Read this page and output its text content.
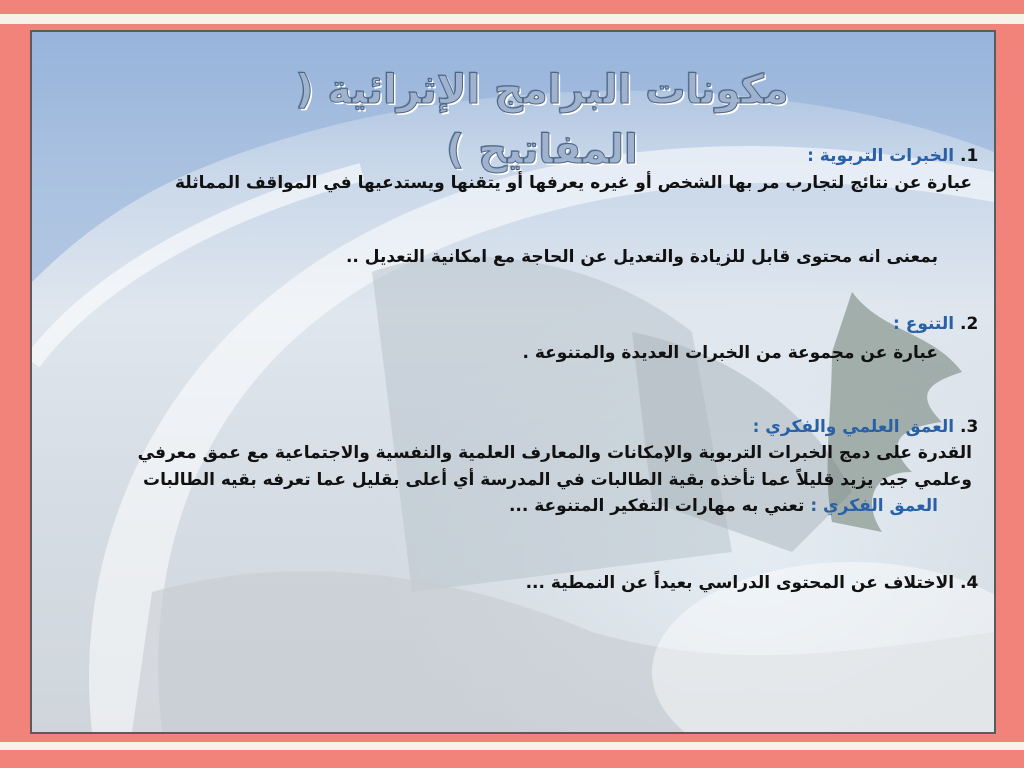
مكونات البرامج الإثرائية ( المفاتيح )	1. الخبرات التربوية :
عبارة عن نتائج لتجارب مر بها الشخص أو غيره يعرفها أو يتقنها ويستدعيها في المواقف المماثلة
بمعنى انه محتوى قابل للزيادة والتعديل عن الحاجة مع امكانية التعديل ..
2. التنوع :
عبارة عن مجموعة من الخبرات العديدة والمتنوعة .
3. العمق العلمي والفكري :
القدرة على دمج الخبرات التربوية والإمكانات والمعارف العلمية والنفسية والاجتماعية مع عمق معرفي
وعلمي جيد يزيد قليلاً عما تأخذه بقية الطالبات في المدرسة أي أعلى بقليل عما تعرفه بقيه الطالبات
العمق الفكري : تعني به مهارات التفكير المتنوعة ...
4. الاختلاف عن المحتوى الدراسي بعيداً عن النمطية ...
